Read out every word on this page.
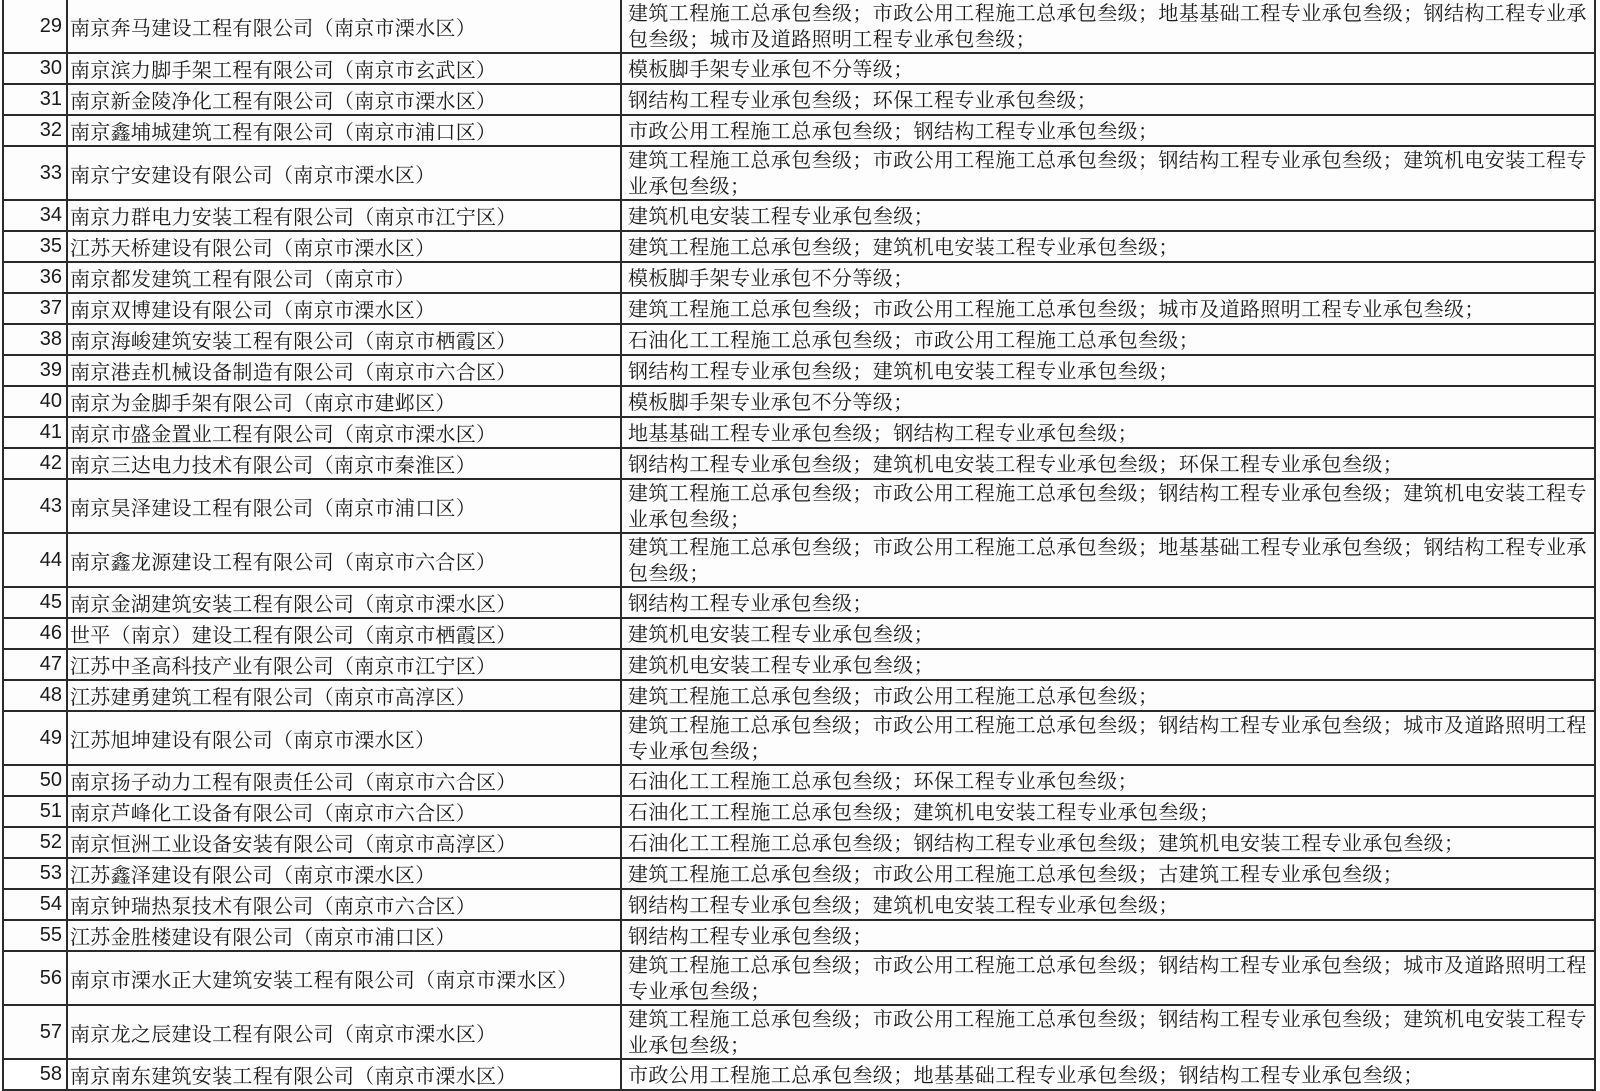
29	南京奔马建设工程有限公司（南京市溧水区）	建筑工程施工总承包叁级；市政公用工程施工总承包叁级；地基基础工程专业承包叁级；钢结构工程专业承包叁级；城市及道路照明工程专业承包叁级；
30	南京滨力脚手架工程有限公司（南京市玄武区）	模板脚手架专业承包不分等级；
31	南京新金陵净化工程有限公司（南京市溧水区）	钢结构工程专业承包叁级；环保工程专业承包叁级；
32	南京鑫埔城建筑工程有限公司（南京市浦口区）	市政公用工程施工总承包叁级；钢结构工程专业承包叁级；
33	南京宁安建设有限公司（南京市溧水区）	建筑工程施工总承包叁级；市政公用工程施工总承包叁级；钢结构工程专业承包叁级；建筑机电安装工程专业承包叁级；
34	南京力群电力安装工程有限公司（南京市江宁区）	建筑机电安装工程专业承包叁级；
35	江苏天桥建设有限公司（南京市溧水区）	建筑工程施工总承包叁级；建筑机电安装工程专业承包叁级；
36	南京都发建筑工程有限公司（南京市）	模板脚手架专业承包不分等级；
37	南京双博建设有限公司（南京市溧水区）	建筑工程施工总承包叁级；市政公用工程施工总承包叁级；城市及道路照明工程专业承包叁级；
38	南京海峻建筑安装工程有限公司（南京市栖霞区）	石油化工工程施工总承包叁级；市政公用工程施工总承包叁级；
39	南京港垚机械设备制造有限公司（南京市六合区）	钢结构工程专业承包叁级；建筑机电安装工程专业承包叁级；
40	南京为金脚手架有限公司（南京市建邺区）	模板脚手架专业承包不分等级；
41	南京市盛金置业工程有限公司（南京市溧水区）	地基基础工程专业承包叁级；钢结构工程专业承包叁级；
42	南京三达电力技术有限公司（南京市秦淮区）	钢结构工程专业承包叁级；建筑机电安装工程专业承包叁级；环保工程专业承包叁级；
43	南京昊泽建设工程有限公司（南京市浦口区）	建筑工程施工总承包叁级；市政公用工程施工总承包叁级；钢结构工程专业承包叁级；建筑机电安装工程专业承包叁级；
44	南京鑫龙源建设工程有限公司（南京市六合区）	建筑工程施工总承包叁级；市政公用工程施工总承包叁级；地基基础工程专业承包叁级；钢结构工程专业承包叁级；
45	南京金湖建筑安装工程有限公司（南京市溧水区）	钢结构工程专业承包叁级；
46	世平（南京）建设工程有限公司（南京市栖霞区）	建筑机电安装工程专业承包叁级；
47	江苏中圣高科技产业有限公司（南京市江宁区）	建筑机电安装工程专业承包叁级；
48	江苏建勇建筑工程有限公司（南京市高淳区）	建筑工程施工总承包叁级；市政公用工程施工总承包叁级；
49	江苏旭坤建设有限公司（南京市溧水区）	建筑工程施工总承包叁级；市政公用工程施工总承包叁级；钢结构工程专业承包叁级；城市及道路照明工程专业承包叁级；
50	南京扬子动力工程有限责任公司（南京市六合区）	石油化工工程施工总承包叁级；环保工程专业承包叁级；
51	南京芦峰化工设备有限公司（南京市六合区）	石油化工工程施工总承包叁级；建筑机电安装工程专业承包叁级；
52	南京恒洲工业设备安装有限公司（南京市高淳区）	石油化工工程施工总承包叁级；钢结构工程专业承包叁级；建筑机电安装工程专业承包叁级；
53	江苏鑫泽建设有限公司（南京市溧水区）	建筑工程施工总承包叁级；市政公用工程施工总承包叁级；古建筑工程专业承包叁级；
54	南京钟瑞热泵技术有限公司（南京市六合区）	钢结构工程专业承包叁级；建筑机电安装工程专业承包叁级；
55	江苏金胜楼建设有限公司（南京市浦口区）	钢结构工程专业承包叁级；
56	南京市溧水正大建筑安装工程有限公司（南京市溧水区）	建筑工程施工总承包叁级；市政公用工程施工总承包叁级；钢结构工程专业承包叁级；城市及道路照明工程专业承包叁级；
57	南京龙之辰建设工程有限公司（南京市溧水区）	建筑工程施工总承包叁级；市政公用工程施工总承包叁级；钢结构工程专业承包叁级；建筑机电安装工程专业承包叁级；
58	南京南东建筑安装工程有限公司（南京市溧水区）	市政公用工程施工总承包叁级；地基基础工程专业承包叁级；钢结构工程专业承包叁级；
